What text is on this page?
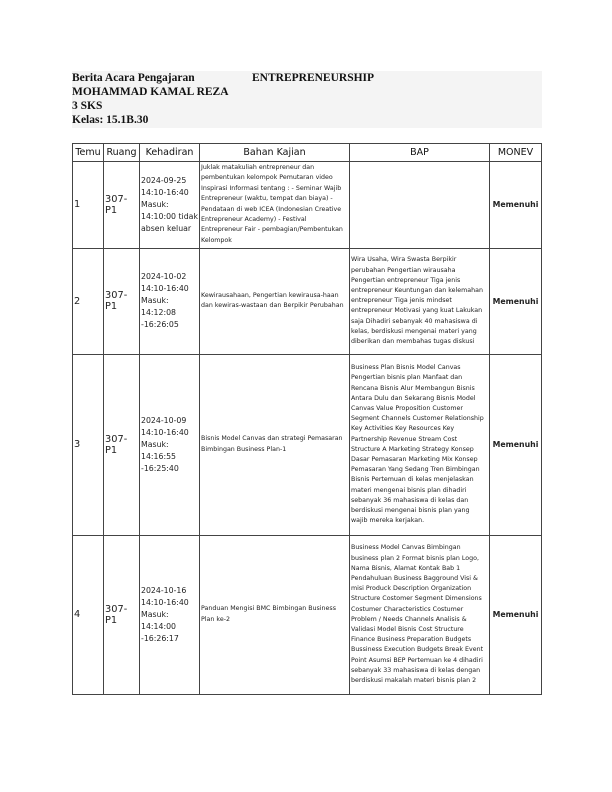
Berita Acara Pengajaran	ENTREPRENEURSHIP
MOHAMMAD KAMAL REZA
3 SKS
Kelas: 15.1B.30
Temu	Ruang	Kehadiran	Bahan Kajian	BAP	MONEV
1	307-P1	2024-09-25 14:10-16:40 Masuk: 14:10:00 tidak absen keluar	Juklak matakuliah entrepreneur dan pembentukan kelompok Pemutaran video Inspirasi Informasi tentang : - Seminar Wajib Entrepreneur (waktu, tempat dan biaya) - Pendataan di web ICEA (Indonesian Creative Entrepreneur Academy) - Festival Entrepreneur Fair - pembagian/Pembentukan Kelompok		Memenuhi
2	307-P1	2024-10-02 14:10-16:40 Masuk: 14:12:08 -16:26:05	Kewirausahaan, Pengertian kewirausa-haan dan kewiras-wastaan dan Berpikir Perubahan	Wira Usaha, Wira Swasta Berpikir perubahan Pengertian wirausaha Pengertian entrepreneur Tiga jenis entrepreneur Keuntungan dan kelemahan entrepreneur Tiga jenis mindset entrepreneur Motivasi yang kuat Lakukan saja Dihadiri sebanyak 40 mahasiswa di kelas, berdiskusi mengenai materi yang diberikan dan membahas tugas diskusi	Memenuhi
3	307-P1	2024-10-09 14:10-16:40 Masuk: 14:16:55 -16:25:40	Bisnis Model Canvas dan strategi Pemasaran Bimbingan Business Plan-1	Business Plan Bisnis Model Canvas Pengertian bisnis plan Manfaat dan Rencana Bisnis Alur Membangun Bisnis Antara Dulu dan Sekarang Bisnis Model Canvas Value Proposition Customer Segment Channels Customer Relationship Key Activities Key Resources Key Partnership Revenue Stream Cost Structure A Marketing Strategy Konsep Dasar Pemasaran Marketing Mix Konsep Pemasaran Yang Sedang Tren Bimbingan Bisnis Pertemuan di kelas menjelaskan materi mengenai bisnis plan dihadiri sebanyak 36 mahasiswa di kelas dan berdiskusi mengenai bisnis plan yang wajib mereka kerjakan.	Memenuhi
4	307-P1	2024-10-16 14:10-16:40 Masuk: 14:14:00 -16:26:17	Panduan Mengisi BMC Bimbingan Business Plan ke-2	Business Model Canvas Bimbingan business plan 2 Format bisnis plan Logo, Nama Bisnis, Alamat Kontak Bab 1 Pendahuluan Business Bagground Visi & misi Produck Description Organization Structure Costomer Segment Dimensions Costumer Characteristics Costumer Problem / Needs Channels Analisis & Validasi Model Bisnis Cost Structure Finance Business Preparation Budgets Bussiness Execution Budgets Break Event Point Asumsi BEP Pertemuan ke 4 dihadiri sebanyak 33 mahasiswa di kelas dengan berdiskusi makalah materi bisnis plan 2	Memenuhi
